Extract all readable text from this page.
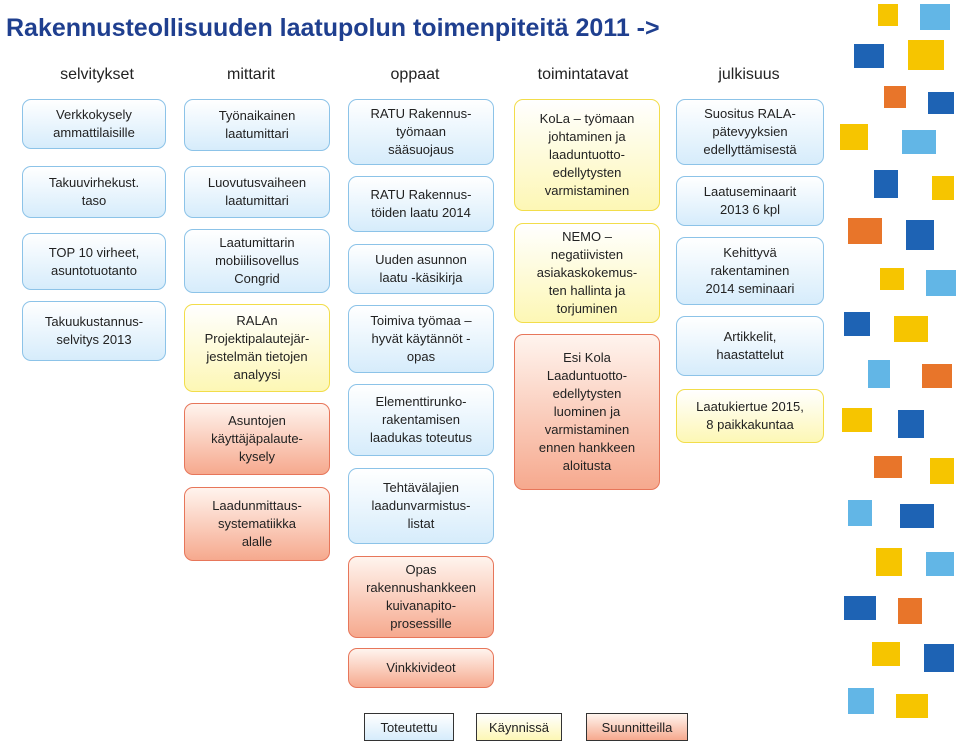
Rakennusteollisuuden laatupolun toimenpiteitä 2011 ->
selvitykset	mittarit	oppaat	toimintatavat	julkisuus
Verkkokysely
ammattilaisille
Takuuvirhekust.
taso
TOP 10 virheet,
asuntotuotanto
Takuukustannus-
selvitys 2013
Työnaikainen
laatumittari
Luovutusvaiheen
laatumittari
Laatumittarin
mobiilisovellus
Congrid
RALAn
Projektipalautejär-
jestelmän tietojen
analyysi
Asuntojen
käyttäjäpalaute-
kysely
Laadunmittaus-
systematiikka
alalle
RATU Rakennus-
työmaan
sääsuojaus
RATU Rakennus-
töiden laatu 2014
Uuden asunnon
laatu -käsikirja
Toimiva työmaa –
hyvät käytännöt -
opas
Elementtirunko-
rakentamisen
laadukas toteutus
Tehtävälajien
laadunvarmistus-
listat
Opas
rakennushankkeen
kuivanapito-
prosessille
Vinkkivideot
KoLa – työmaan
johtaminen ja
laaduntuotto-
edellytysten
varmistaminen
NEMO –
negatiivisten
asiakaskokemus-
ten hallinta ja
torjuminen
Esi Kola
Laaduntuotto-
edellytysten
luominen ja
varmistaminen
ennen hankkeen
aloitusta
Suositus RALA-
pätevyyksien
edellyttämisestä
Laatuseminaarit
2013 6 kpl
Kehittyvä
rakentaminen
2014 seminaari
Artikkelit,
haastattelut
Laatukiertue 2015,
8 paikkakuntaa
Toteutettu	Käynnissä	Suunnitteilla
